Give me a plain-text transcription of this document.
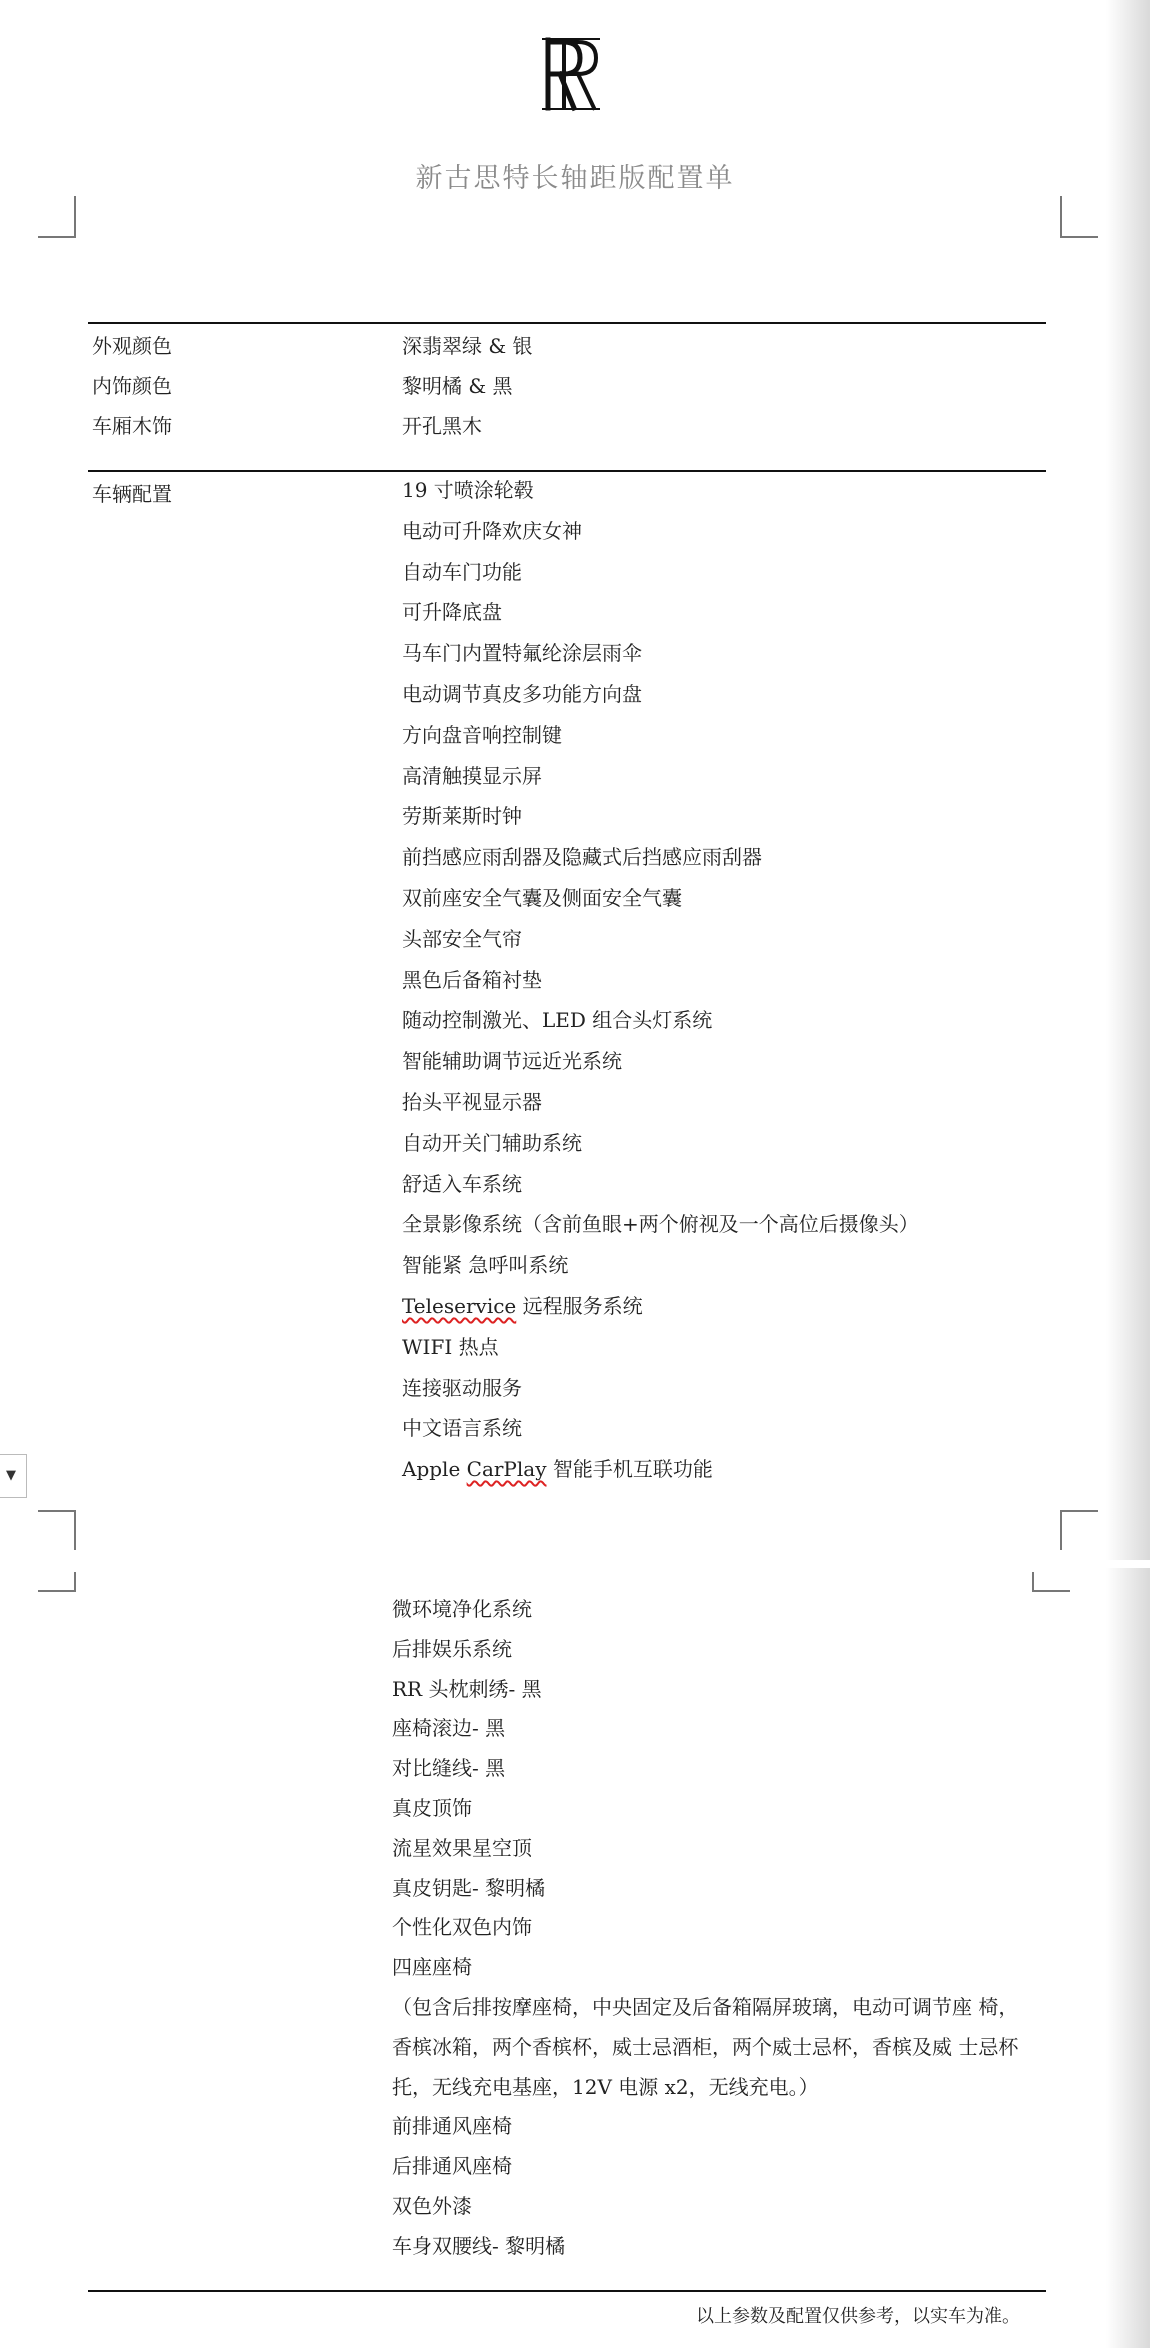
新古思特长轴距版配置单
外观颜色	深翡翠绿 & 银
内饰颜色	黎明橘 & 黑
车厢木饰	开孔黑木
车辆配置	19 寸喷涂轮毂
电动可升降欢庆女神
自动车门功能
可升降底盘
马车门内置特氟纶涂层雨伞
电动调节真皮多功能方向盘
方向盘音响控制键
高清触摸显示屏
劳斯莱斯时钟
前挡感应雨刮器及隐藏式后挡感应雨刮器
双前座安全气囊及侧面安全气囊
头部安全气帘
黑色后备箱衬垫
随动控制激光、LED 组合头灯系统
智能辅助调节远近光系统
抬头平视显示器
自动开关门辅助系统
舒适入车系统
全景影像系统（含前鱼眼+两个俯视及一个高位后摄像头）
智能紧 急呼叫系统
Teleservice 远程服务系统
WIFI 热点
连接驱动服务
中文语言系统
Apple CarPlay 智能手机互联功能
▼
微环境净化系统
后排娱乐系统
RR 头枕刺绣- 黑
座椅滚边- 黑
对比缝线- 黑
真皮顶饰
流星效果星空顶
真皮钥匙- 黎明橘
个性化双色内饰
四座座椅
（包含后排按摩座椅，中央固定及后备箱隔屏玻璃，电动可调节座 椅，
香槟冰箱，两个香槟杯，威士忌酒柜，两个威士忌杯，香槟及威 士忌杯
托，无线充电基座，12V 电源 x2，无线充电。）
前排通风座椅
后排通风座椅
双色外漆
车身双腰线- 黎明橘
以上参数及配置仅供参考，以实车为准。
